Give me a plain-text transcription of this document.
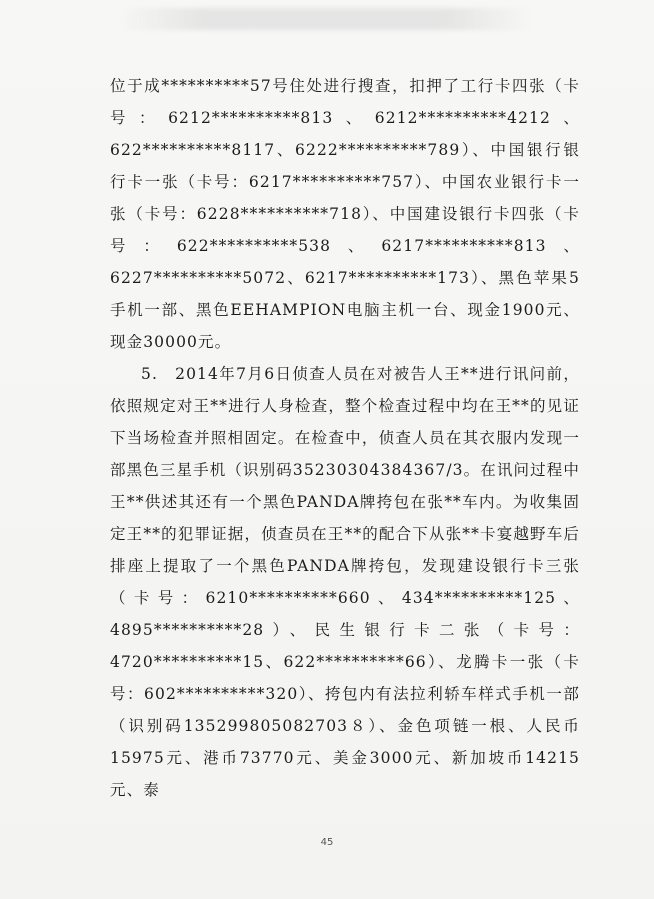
位于成**********57号住处进行搜查，扣押了工行卡四张（卡号：6212**********813、6212**********4212、622**********8117、6222**********789）、中国银行银行卡一张（卡号：6217**********757）、中国农业银行卡一张（卡号：6228**********718）、中国建设银行卡四张（卡号：622**********538、6217**********813、6227**********5072、6217**********173）、黑色苹果5手机一部、黑色EEHAMPION电脑主机一台、现金1900元、现金30000元。

5.　2014年7月6日侦查人员在对被告人王**进行讯问前，依照规定对王**进行人身检查，整个检查过程中均在王**的见证下当场检查并照相固定。在检查中，侦查人员在其衣服内发现一部黑色三星手机（识别码35230304384367/3。在讯问过程中王**供述其还有一个黑色PANDA牌挎包在张**车内。为收集固定王**的犯罪证据，侦查员在王**的配合下从张**卡宴越野车后排座上提取了一个黑色PANDA牌挎包，发现建设银行卡三张（卡号：6210**********660、434**********125、4895**********28）、民生银行卡二张（卡号：4720**********15、622**********66）、龙腾卡一张（卡号：602**********320）、挎包内有法拉利轿车样式手机一部（识别码135299805082703８）、金色项链一根、人民币15975元、港币73770元、美金3000元、新加坡币14215元、泰

45
